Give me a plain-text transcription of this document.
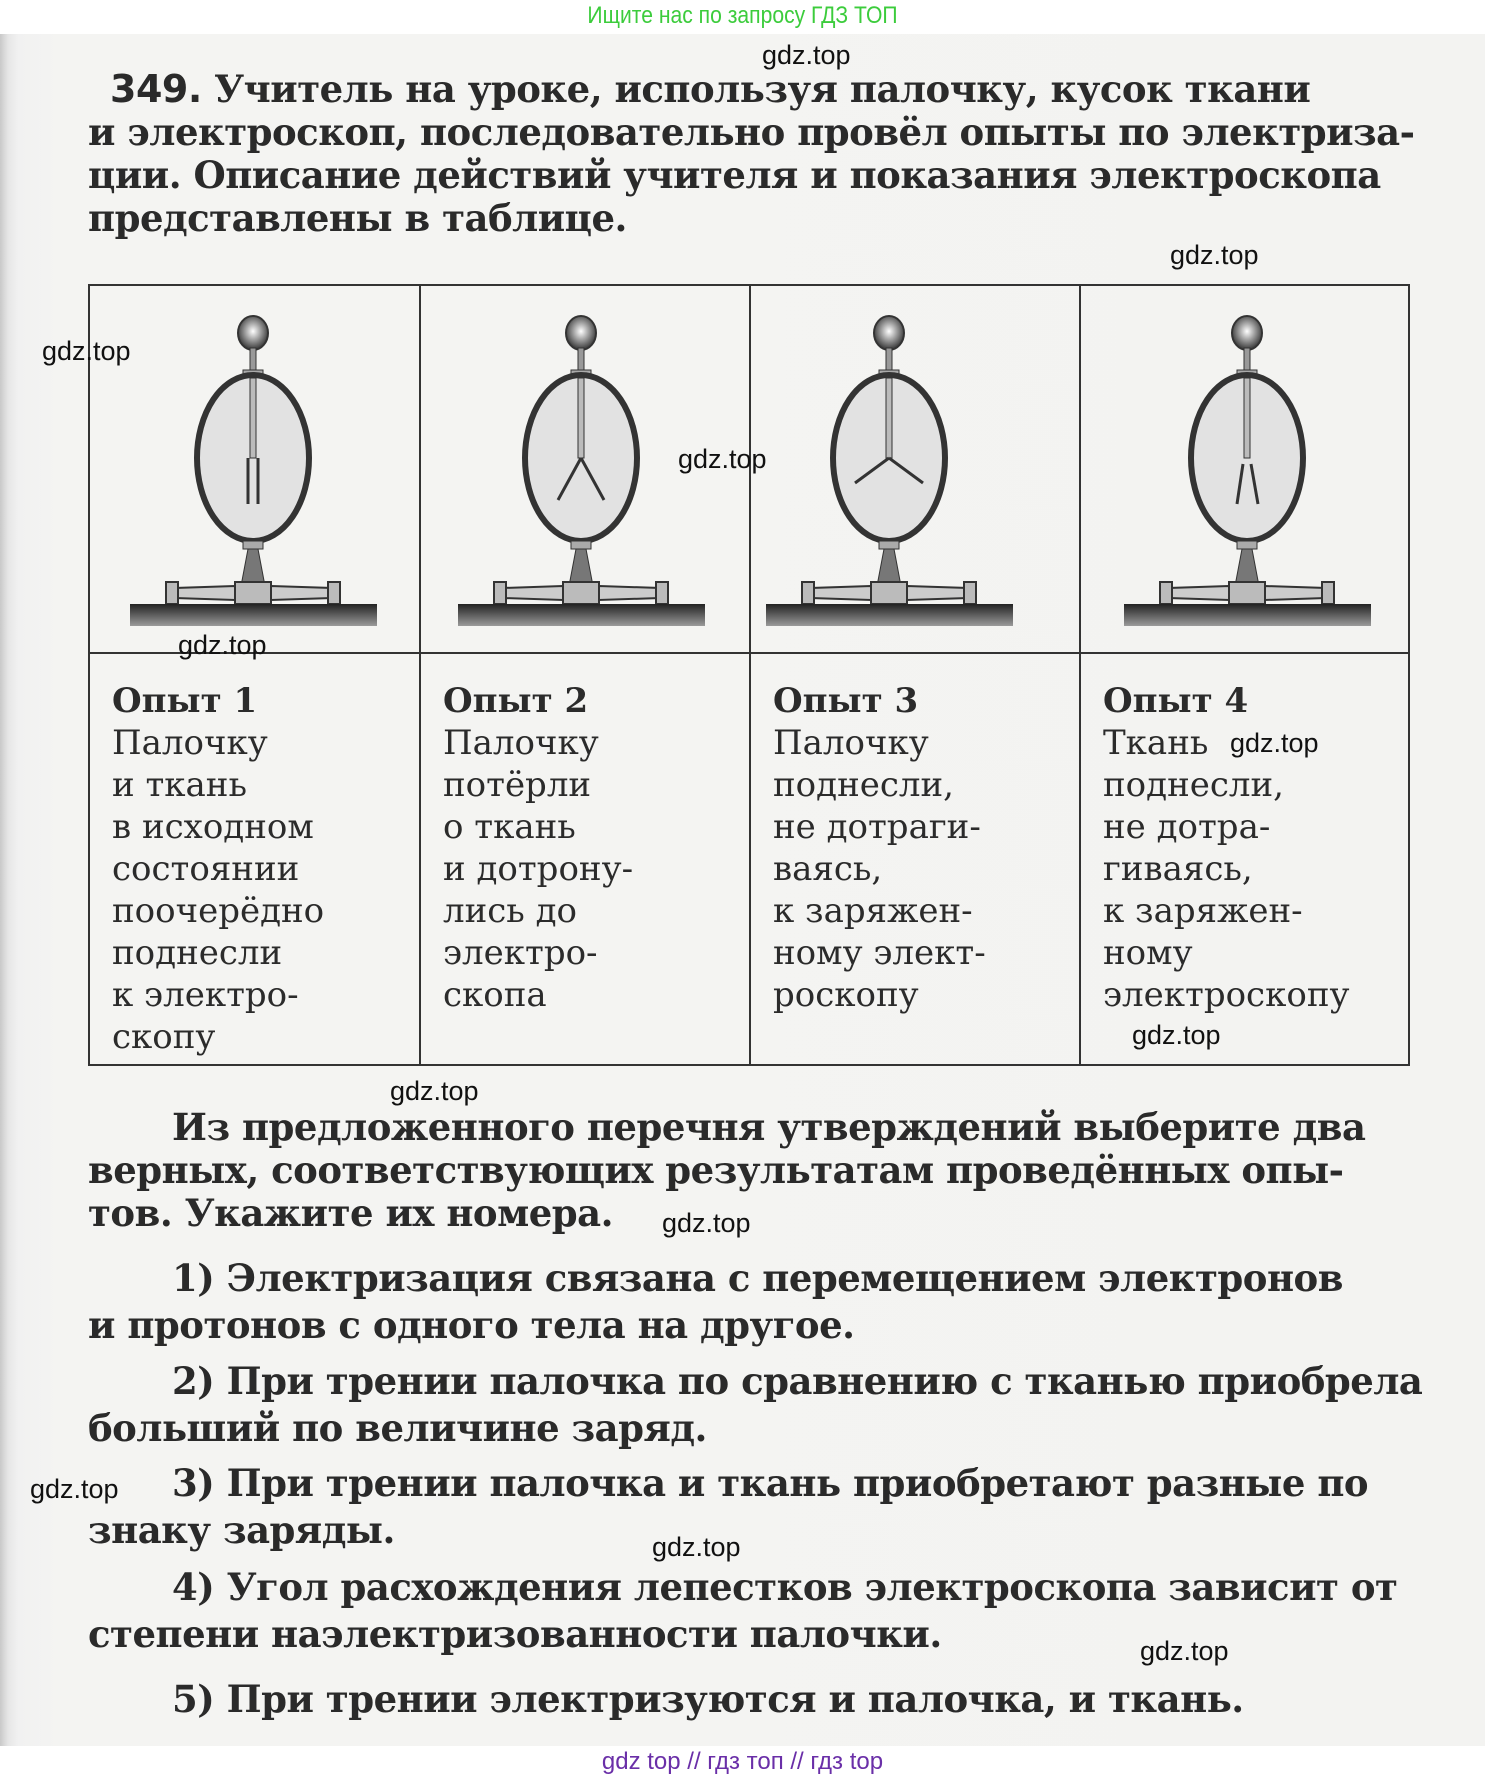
Ищите нас по запросу ГДЗ ТОП
349. Учитель на уроке, используя палочку, кусок ткани
и электроскоп, последовательно провёл опыты по электриза-
ции. Описание действий учителя и показания электроскопа
представлены в таблице.
Опыт 1
Палочку
и ткань
в исходном
состоянии
поочерёдно
поднесли
к электро-
скопу
Опыт 2
Палочку
потёрли
о ткань
и дотрону-
лись до
электро-
скопа
Опыт 3
Палочку
поднесли,
не дотраги-
ваясь,
к заряжен-
ному элект-
роскопу
Опыт 4
Ткань
поднесли,
не дотра-
гиваясь,
к заряжен-
ному
электроскопу
Из предложенного перечня утверждений выберите два
верных, соответствующих результатам проведённых опы-
тов. Укажите их номера.
1) Электризация связана с перемещением электронов
и протонов с одного тела на другое.
2) При трении палочка по сравнению с тканью приобрела
больший по величине заряд.
3) При трении палочка и ткань приобретают разные по
знаку заряды.
4) Угол расхождения лепестков электроскопа зависит от
степени наэлектризованности палочки.
5) При трении электризуются и палочка, и ткань.
gdz.top
gdz.top
gdz.top
gdz.top
gdz.top
gdz.top
gdz.top
gdz.top
gdz.top
gdz.top
gdz.top
gdz.top
gdz top // гдз топ // гдз top
